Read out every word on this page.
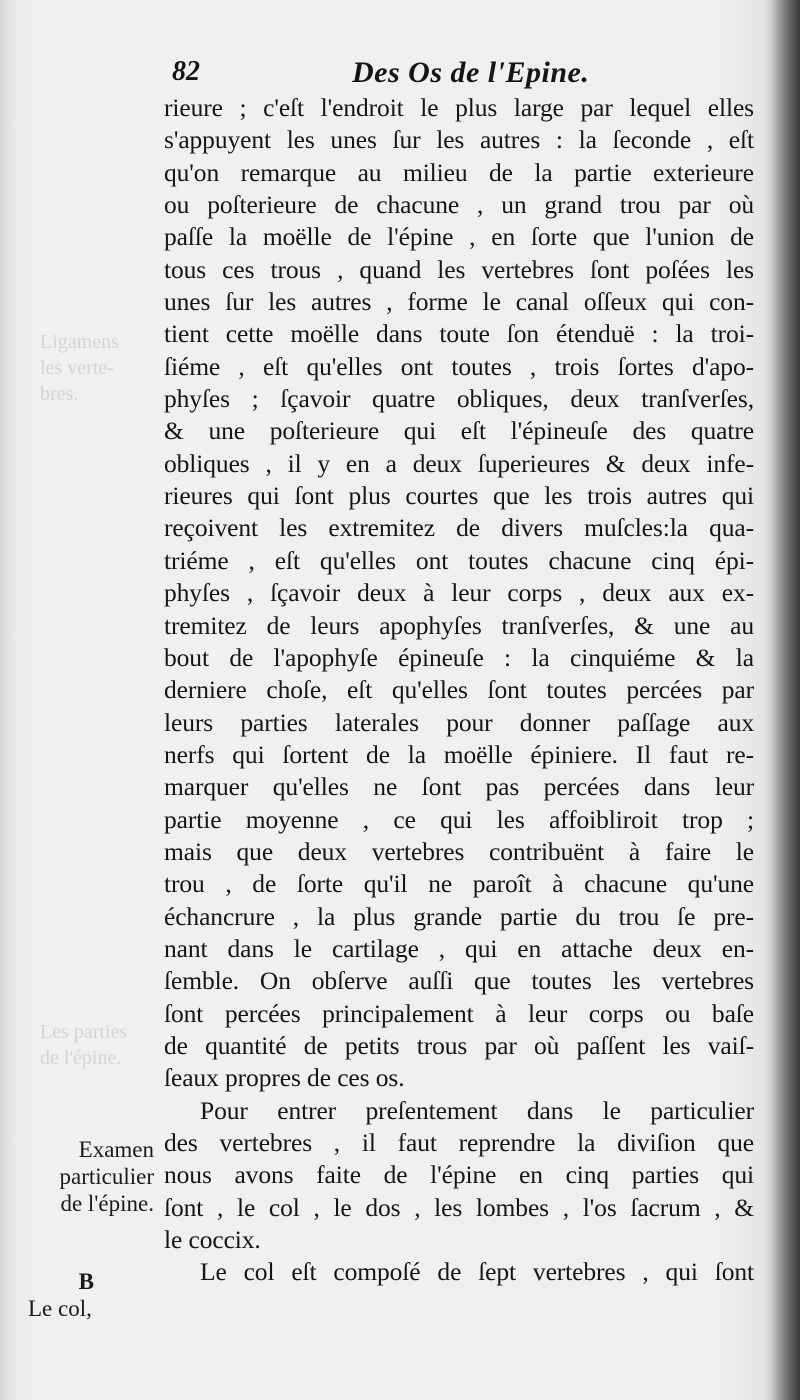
Ligamens
les verte-
bres.
Les parties
de l'épine.
82	Des Os de l'Epine.
rieure ; c'eſt l'endroit le plus large par lequel elles
s'appuyent les unes ſur les autres : la ſeconde , eſt
qu'on remarque au milieu de la partie exterieure
ou poſterieure de chacune , un grand trou par où
paſſe la moëlle de l'épine , en ſorte que l'union de
tous ces trous , quand les vertebres ſont poſées les
unes ſur les autres , forme le canal oſſeux qui con-
tient cette moëlle dans toute ſon étenduë : la troi-
ſiéme , eſt qu'elles ont toutes , trois ſortes d'apo-
phyſes ; ſçavoir quatre obliques, deux tranſverſes,
& une poſterieure qui eſt l'épineuſe des quatre
obliques , il y en a deux ſuperieures & deux infe-
rieures qui ſont plus courtes que les trois autres qui
reçoivent les extremitez de divers muſcles:la qua-
triéme , eſt qu'elles ont toutes chacune cinq épi-
phyſes , ſçavoir deux à leur corps , deux aux ex-
tremitez de leurs apophyſes tranſverſes, & une au
bout de l'apophyſe épineuſe : la cinquiéme & la
derniere choſe, eſt qu'elles ſont toutes percées par
leurs parties laterales pour donner paſſage aux
nerfs qui ſortent de la moëlle épiniere. Il faut re-
marquer qu'elles ne ſont pas percées dans leur
partie moyenne , ce qui les affoibliroit trop ;
mais que deux vertebres contribuënt à faire le
trou , de ſorte qu'il ne paroît à chacune qu'une
échancrure , la plus grande partie du trou ſe pre-
nant dans le cartilage , qui en attache deux en-
ſemble. On obſerve auſſi que toutes les vertebres
ſont percées principalement à leur corps ou baſe
de quantité de petits trous par où paſſent les vaiſ-
ſeaux propres de ces os.
Pour entrer preſentement dans le particulier
des vertebres , il faut reprendre la diviſion que
nous avons faite de l'épine en cinq parties qui
ſont , le col , le dos , les lombes , l'os ſacrum , &
le coccix.
Le col eſt compoſé de ſept vertebres , qui ſont
Examen
particulier
de l'épine.
B
Le col,
